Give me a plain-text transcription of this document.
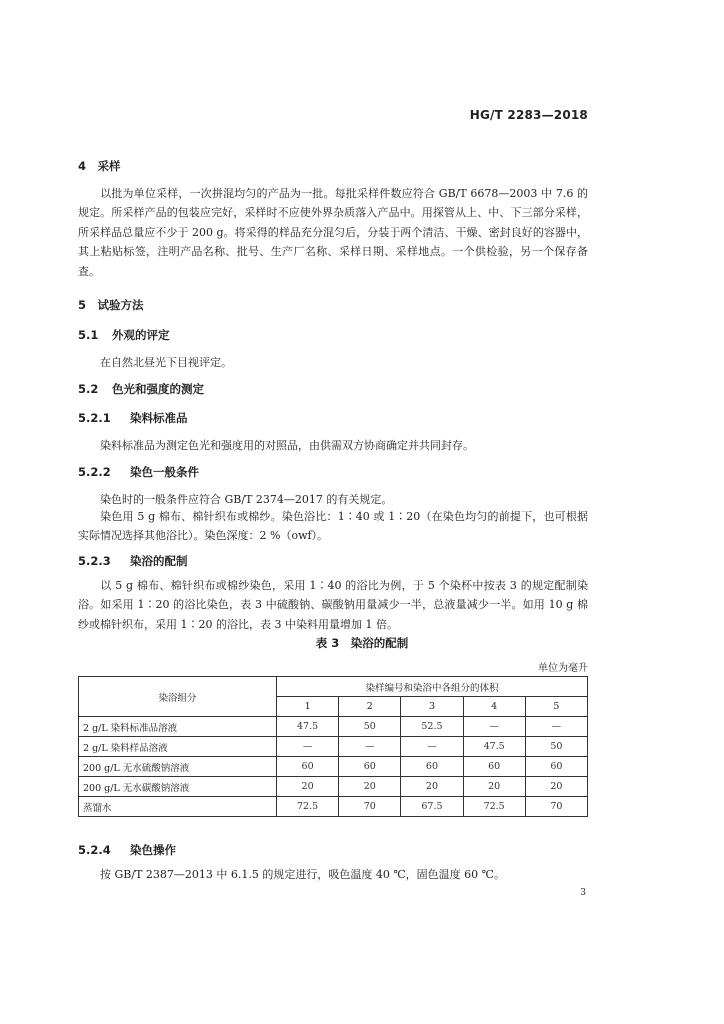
HG/T 2283—2018
4　采样
以批为单位采样，一次拼混均匀的产品为一批。每批采样件数应符合 GB/T 6678—2003 中 7.6 的规定。所采样产品的包装应完好，采样时不应使外界杂质落入产品中。用探管从上、中、下三部分采样，所采样品总量应不少于 200 g。将采得的样品充分混匀后，分装于两个清洁、干燥、密封良好的容器中，其上粘贴标签，注明产品名称、批号、生产厂名称、采样日期、采样地点。一个供检验，另一个保存备查。
5　试验方法
5.1 外观的评定
在自然北昼光下目视评定。
5.2 色光和强度的测定
5.2.1 染料标准品
染料标准品为测定色光和强度用的对照品，由供需双方协商确定并共同封存。
5.2.2 染色一般条件
染色时的一般条件应符合 GB/T 2374—2017 的有关规定。
染色用 5 g 棉布、棉针织布或棉纱。染色浴比：1∶40 或 1∶20（在染色均匀的前提下，也可根据实际情况选择其他浴比）。染色深度：2 %（owf）。
5.2.3 染浴的配制
以 5 g 棉布、棉针织布或棉纱染色，采用 1∶40 的浴比为例，于 5 个染杯中按表 3 的规定配制染浴。如采用 1∶20 的浴比染色，表 3 中硫酸钠、碳酸钠用量减少一半，总液量减少一半。如用 10 g 棉纱或棉针织布，采用 1∶20 的浴比，表 3 中染料用量增加 1 倍。
表 3　染浴的配制
单位为毫升
染浴组分	染样编号和染浴中各组分的体积				
	1	2	3	4	5
2 g/L 染料标准品溶液	47.5	50	52.5	—	—
2 g/L 染料样品溶液	—	—	—	47.5	50
200 g/L 无水硫酸钠溶液	60	60	60	60	60
200 g/L 无水碳酸钠溶液	20	20	20	20	20
蒸馏水	72.5	70	67.5	72.5	70
5.2.4 染色操作
按 GB/T 2387—2013 中 6.1.5 的规定进行，吸色温度 40 ℃，固色温度 60 ℃。
3
